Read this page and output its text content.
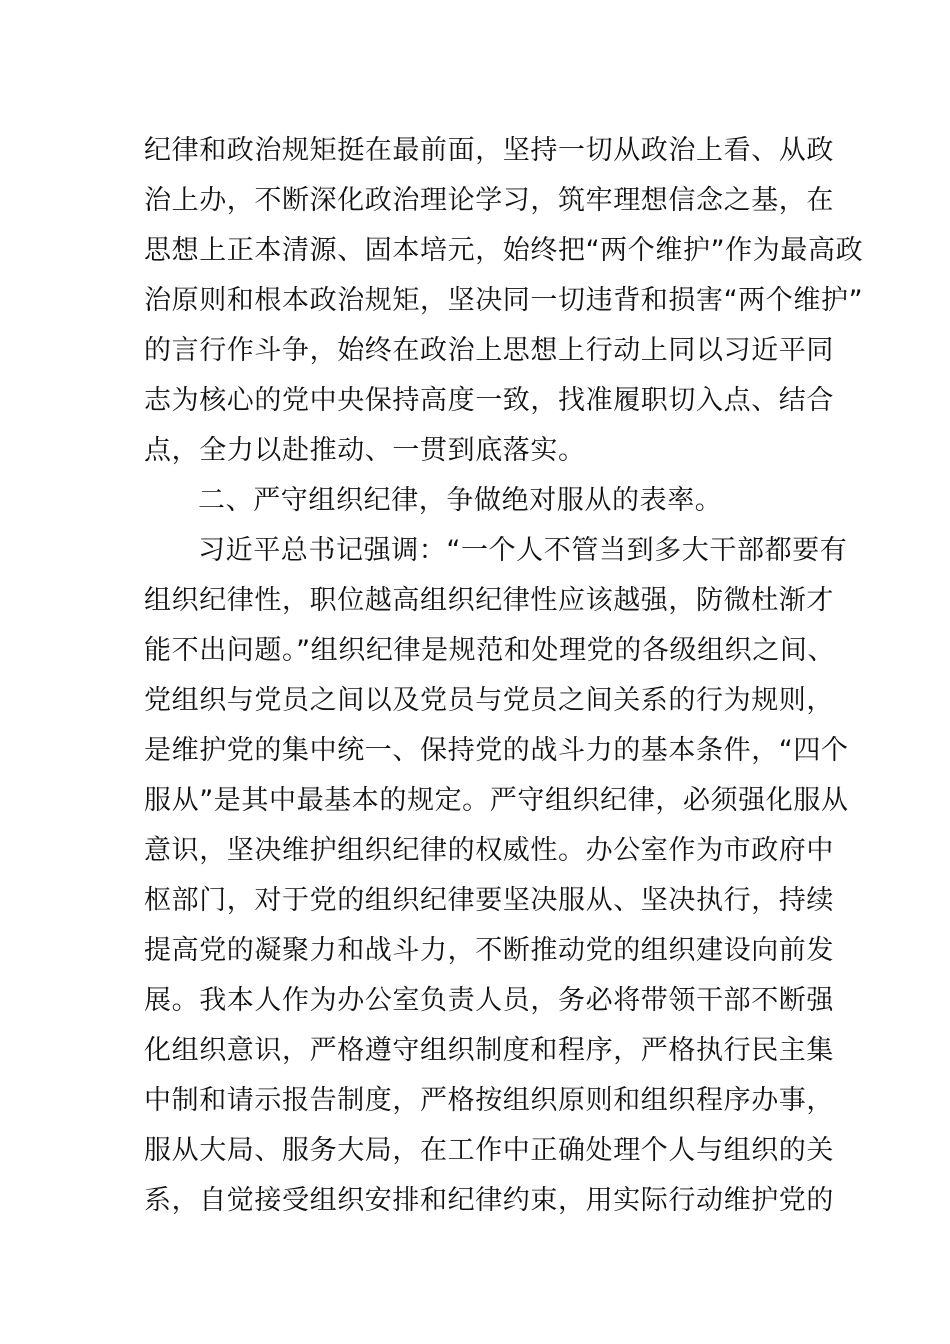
纪律和政治规矩挺在最前面，坚持一切从政治上看、从政
治上办，不断深化政治理论学习，筑牢理想信念之基，在
思想上正本清源、固本培元，始终把“两个维护”作为最高政
治原则和根本政治规矩，坚决同一切违背和损害“两个维护”
的言行作斗争，始终在政治上思想上行动上同以习近平同
志为核心的党中央保持高度一致，找准履职切入点、结合
点，全力以赴推动、一贯到底落实。
二、严守组织纪律，争做绝对服从的表率。
习近平总书记强调：“一个人不管当到多大干部都要有
组织纪律性，职位越高组织纪律性应该越强，防微杜渐才
能不出问题。”组织纪律是规范和处理党的各级组织之间、
党组织与党员之间以及党员与党员之间关系的行为规则，
是维护党的集中统一、保持党的战斗力的基本条件，“四个
服从”是其中最基本的规定。严守组织纪律，必须强化服从
意识，坚决维护组织纪律的权威性。办公室作为市政府中
枢部门，对于党的组织纪律要坚决服从、坚决执行，持续
提高党的凝聚力和战斗力，不断推动党的组织建设向前发
展。我本人作为办公室负责人员，务必将带领干部不断强
化组织意识，严格遵守组织制度和程序，严格执行民主集
中制和请示报告制度，严格按组织原则和组织程序办事，
服从大局、服务大局，在工作中正确处理个人与组织的关
系，自觉接受组织安排和纪律约束，用实际行动维护党的
